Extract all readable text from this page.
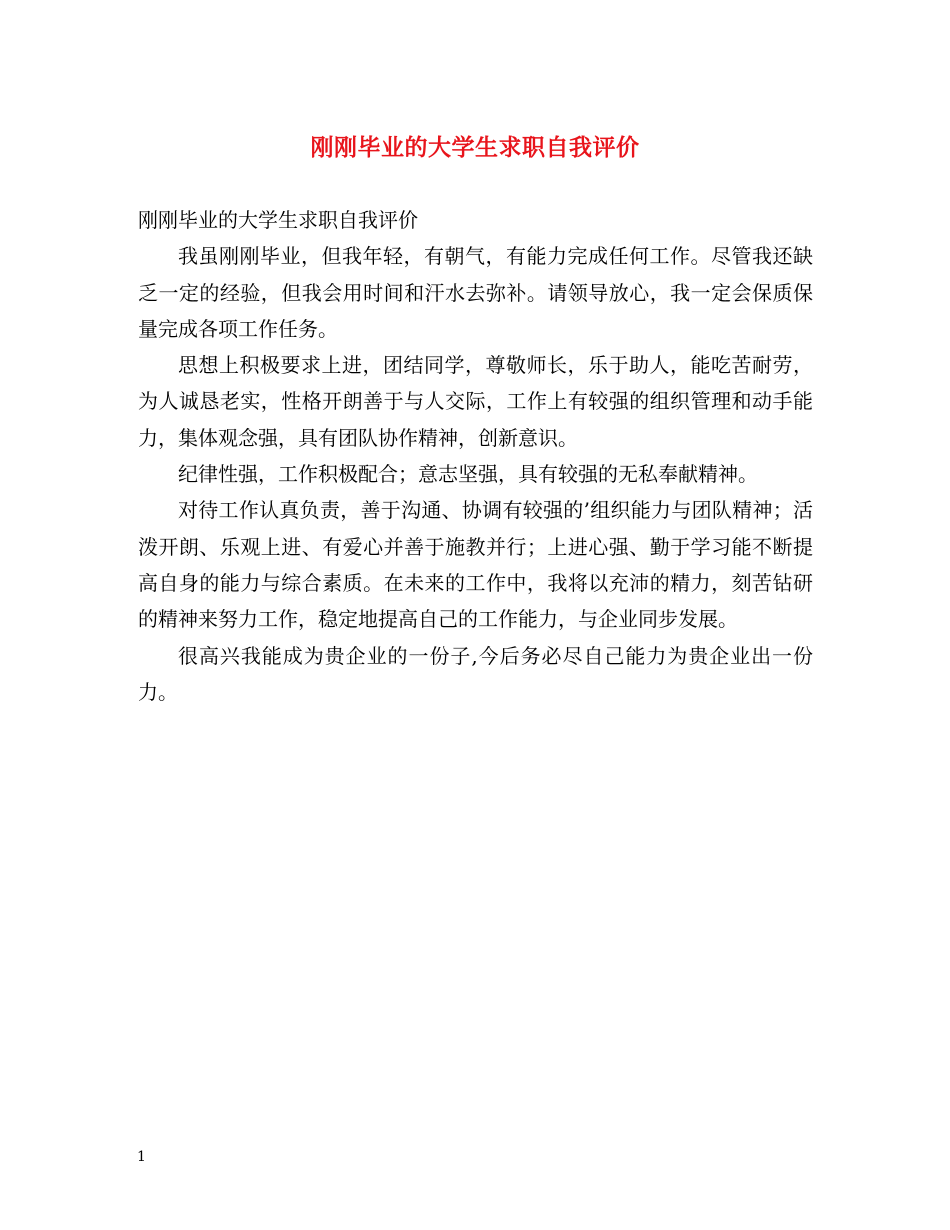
刚刚毕业的大学生求职自我评价

刚刚毕业的大学生求职自我评价

我虽刚刚毕业，但我年轻，有朝气，有能力完成任何工作。尽管我还缺乏一定的经验，但我会用时间和汗水去弥补。请领导放心，我一定会保质保量完成各项工作任务。

思想上积极要求上进，团结同学，尊敬师长，乐于助人，能吃苦耐劳，为人诚恳老实，性格开朗善于与人交际，工作上有较强的组织管理和动手能力，集体观念强，具有团队协作精神，创新意识。

纪律性强，工作积极配合；意志坚强，具有较强的无私奉献精神。

对待工作认真负责，善于沟通、协调有较强的’组织能力与团队精神；活泼开朗、乐观上进、有爱心并善于施教并行；上进心强、勤于学习能不断提高自身的能力与综合素质。在未来的工作中，我将以充沛的精力，刻苦钻研的精神来努力工作，稳定地提高自己的工作能力，与企业同步发展。

很高兴我能成为贵企业的一份子,今后务必尽自己能力为贵企业出一份力。

1
